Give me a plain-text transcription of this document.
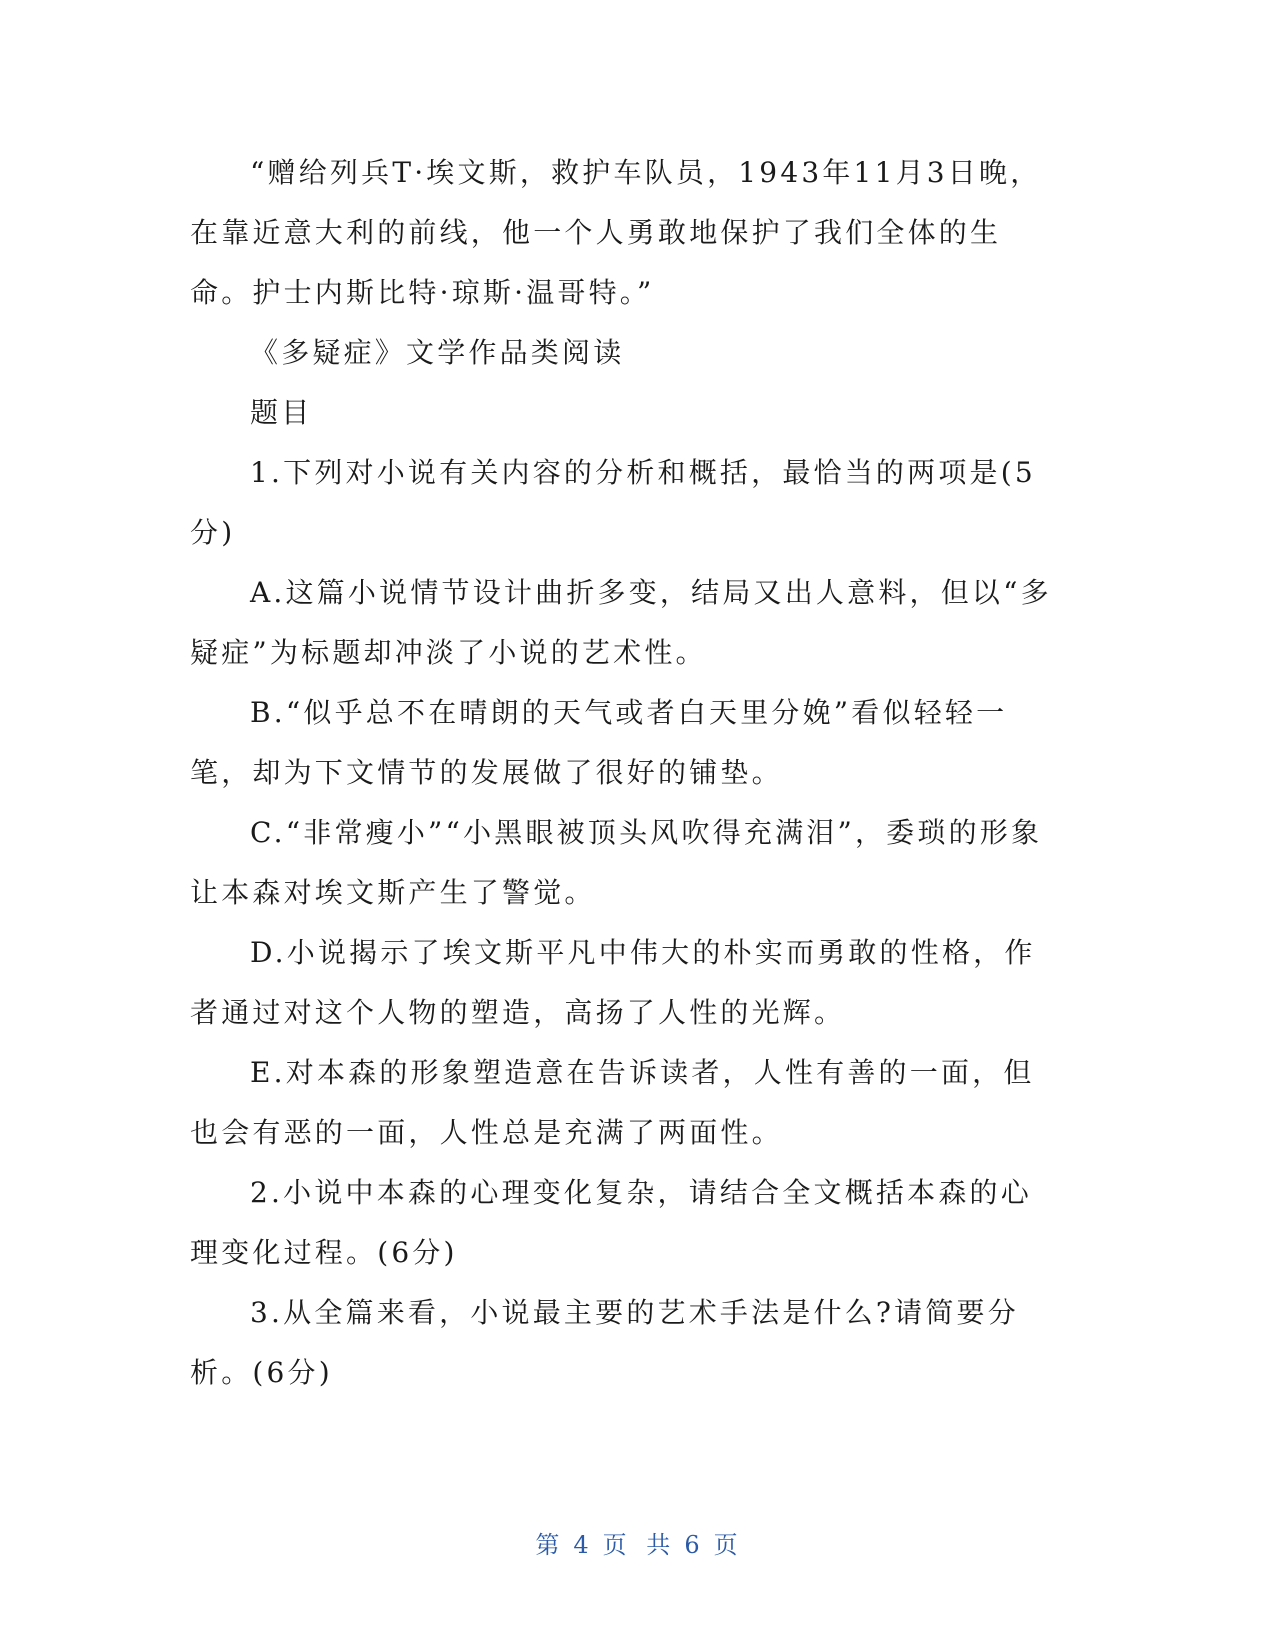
“赠给列兵T·埃文斯，救护车队员，1943年11月3日晚，在靠近意大利的前线，他一个人勇敢地保护了我们全体的生命。护士内斯比特·琼斯·温哥特。”

《多疑症》文学作品类阅读

题目

1.下列对小说有关内容的分析和概括，最恰当的两项是(5分)

A.这篇小说情节设计曲折多变，结局又出人意料，但以“多疑症”为标题却冲淡了小说的艺术性。

B.“似乎总不在晴朗的天气或者白天里分娩”看似轻轻一笔，却为下文情节的发展做了很好的铺垫。

C.“非常瘦小”“小黑眼被顶头风吹得充满泪”，委琐的形象让本森对埃文斯产生了警觉。

D.小说揭示了埃文斯平凡中伟大的朴实而勇敢的性格，作者通过对这个人物的塑造，高扬了人性的光辉。

E.对本森的形象塑造意在告诉读者，人性有善的一面，但也会有恶的一面，人性总是充满了两面性。

2.小说中本森的心理变化复杂，请结合全文概括本森的心理变化过程。(6分)

3.从全篇来看，小说最主要的艺术手法是什么?请简要分析。(6分)

第 4 页 共 6 页
